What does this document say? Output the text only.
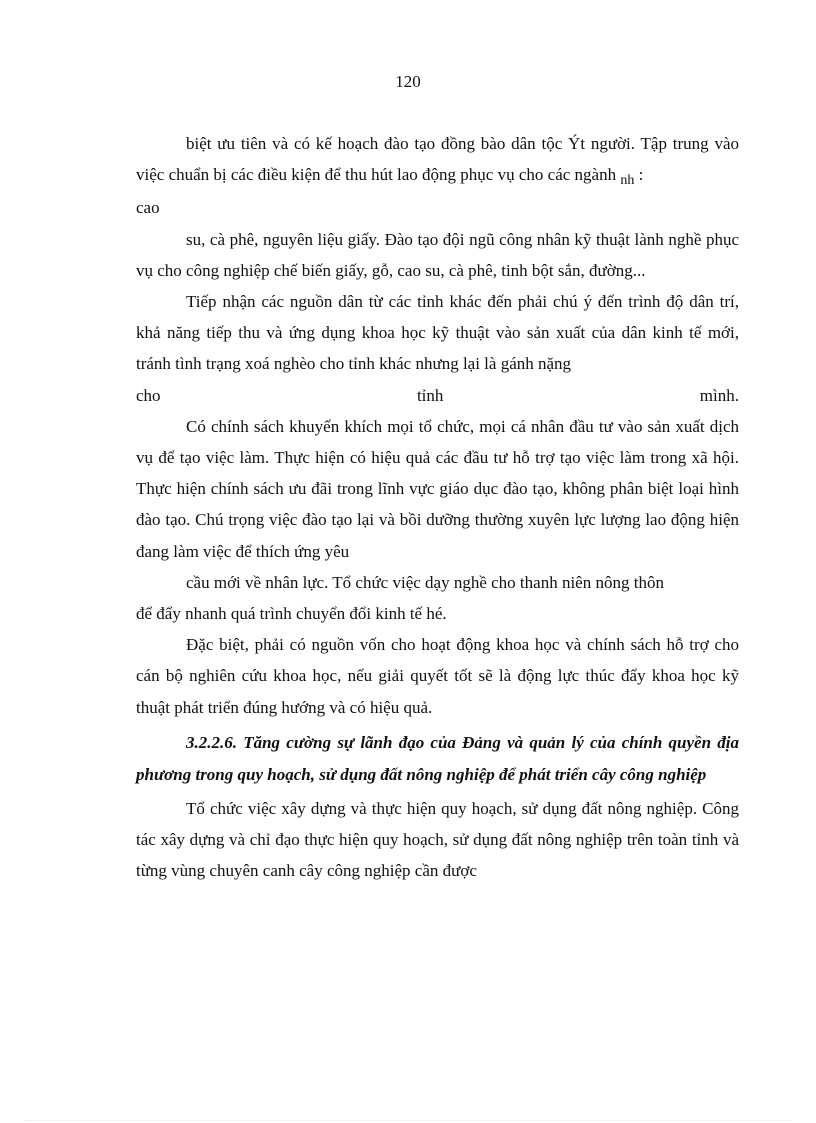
120

biệt ưu tiên và có kế hoạch đào tạo đồng bào dân tộc Ýt người. Tập trung vào việc chuẩn bị các điều kiện để thu hút lao động phục vụ cho các ngành $_{nh}$ :

cao

su, cà phê, nguyên liệu giấy. Đào tạo đội ngũ công nhân kỹ thuật lành nghề phục vụ cho công nghiệp chế biến giấy, gỗ, cao su, cà phê, tinh bột sắn, đường...

Tiếp nhận các nguồn dân từ các tỉnh khác đến phải chú ý đến trình độ dân trí, khả năng tiếp thu và ứng dụng khoa học kỹ thuật vào sản xuất của dân kinh tế mới, tránh tình trạng xoá nghèo cho tỉnh khác nhưng lại là gánh nặng

cho tỉnh mình.

Có chính sách khuyến khích mọi tổ chức, mọi cá nhân đầu tư vào sản xuất dịch vụ để tạo việc làm. Thực hiện có hiệu quả các đầu tư hỗ trợ tạo việc làm trong xã hội. Thực hiện chính sách ưu đãi trong lĩnh vực giáo dục đào tạo, không phân biệt loại hình đào tạo. Chú trọng việc đào tạo lại và bồi dưỡng thường xuyên lực lượng lao động hiện đang làm việc để thích ứng yêu

cầu mới về nhân lực. Tổ chức việc dạy nghề cho thanh niên nông thôn

để đẩy nhanh quá trình chuyển đổi kinh tế hé.

Đặc biệt, phải có nguồn vốn cho hoạt động khoa học và chính sách hỗ trợ cho cán bộ nghiên cứu khoa học, nếu giải quyết tốt sẽ là động lực thúc đẩy khoa học kỹ thuật phát triển đúng hướng và có hiệu quả.

3.2.2.6. Tăng cường sự lãnh đạo của Đảng và quản lý của chính quyền địa phương trong quy hoạch, sử dụng đất nông nghiệp để phát triển cây công nghiệp

Tổ chức việc xây dựng và thực hiện quy hoạch, sử dụng đất nông nghiệp. Công tác xây dựng và chỉ đạo thực hiện quy hoạch, sử dụng đất nông nghiệp trên toàn tỉnh và từng vùng chuyên canh cây công nghiệp cần được
